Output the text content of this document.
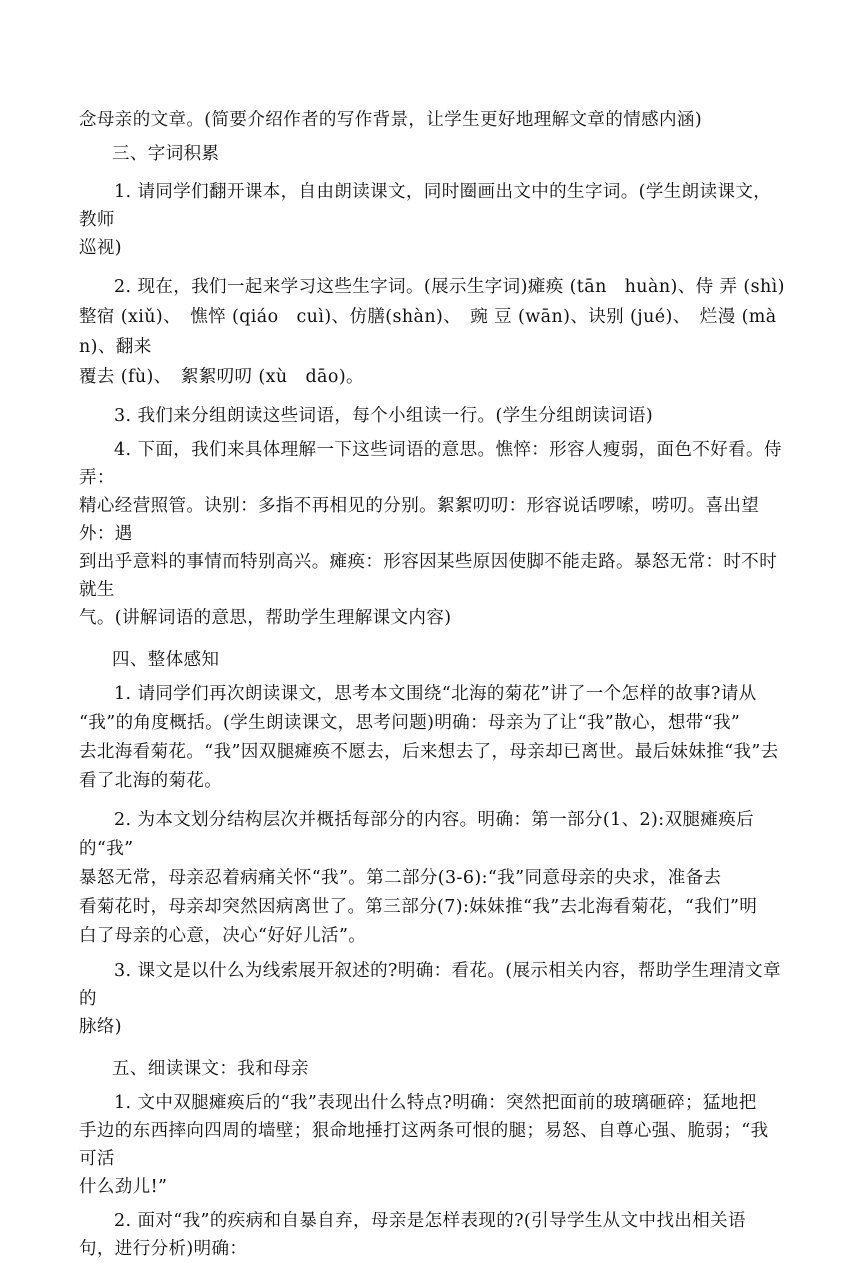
念母亲的文章。(简要介绍作者的写作背景，让学生更好地理解文章的情感内涵)

三、字词积累

1. 请同学们翻开课本，自由朗读课文，同时圈画出文中的生字词。(学生朗读课文，教师
巡视)

2. 现在，我们一起来学习这些生字词。(展示生字词)瘫痪 (tān　huàn)、侍 弄 (shì)
整宿 (xiǔ)、　憔悴 (qiáo　cuì)、仿膳(shàn)、　豌 豆 (wān)、诀别 (jué)、　烂漫 (màn)、翻来
覆去 (fù)、　絮絮叨叨 (xù　dāo)。

3. 我们来分组朗读这些词语，每个小组读一行。(学生分组朗读词语)

4. 下面，我们来具体理解一下这些词语的意思。憔悴：形容人瘦弱，面色不好看。侍弄：
精心经营照管。诀别：多指不再相见的分别。絮絮叨叨：形容说话啰嗦，唠叨。喜出望外：遇
到出乎意料的事情而特别高兴。瘫痪：形容因某些原因使脚不能走路。暴怒无常：时不时就生
气。(讲解词语的意思，帮助学生理解课文内容)

四、整体感知

1. 请同学们再次朗读课文，思考本文围绕“北海的菊花”讲了一个怎样的故事?请从
“我”的角度概括。(学生朗读课文，思考问题)明确：母亲为了让“我”散心，想带“我”
去北海看菊花。“我”因双腿瘫痪不愿去，后来想去了，母亲却已离世。最后妹妹推“我”去
看了北海的菊花。

2. 为本文划分结构层次并概括每部分的内容。明确：第一部分(1、2):双腿瘫痪后的“我”
暴怒无常，母亲忍着病痛关怀“我”。第二部分(3-6):“我”同意母亲的央求，准备去
看菊花时，母亲却突然因病离世了。第三部分(7):妹妹推“我”去北海看菊花，“我们”明
白了母亲的心意，决心“好好儿活”。

3. 课文是以什么为线索展开叙述的?明确：看花。(展示相关内容，帮助学生理清文章的
脉络)

五、细读课文：我和母亲

1. 文中双腿瘫痪后的“我”表现出什么特点?明确：突然把面前的玻璃砸碎；猛地把
手边的东西摔向四周的墙壁；狠命地捶打这两条可恨的腿；易怒、自尊心强、脆弱；“我可活
什么劲儿!”

2. 面对“我”的疾病和自暴自弃，母亲是怎样表现的?(引导学生从文中找出相关语
句，进行分析)明确：
